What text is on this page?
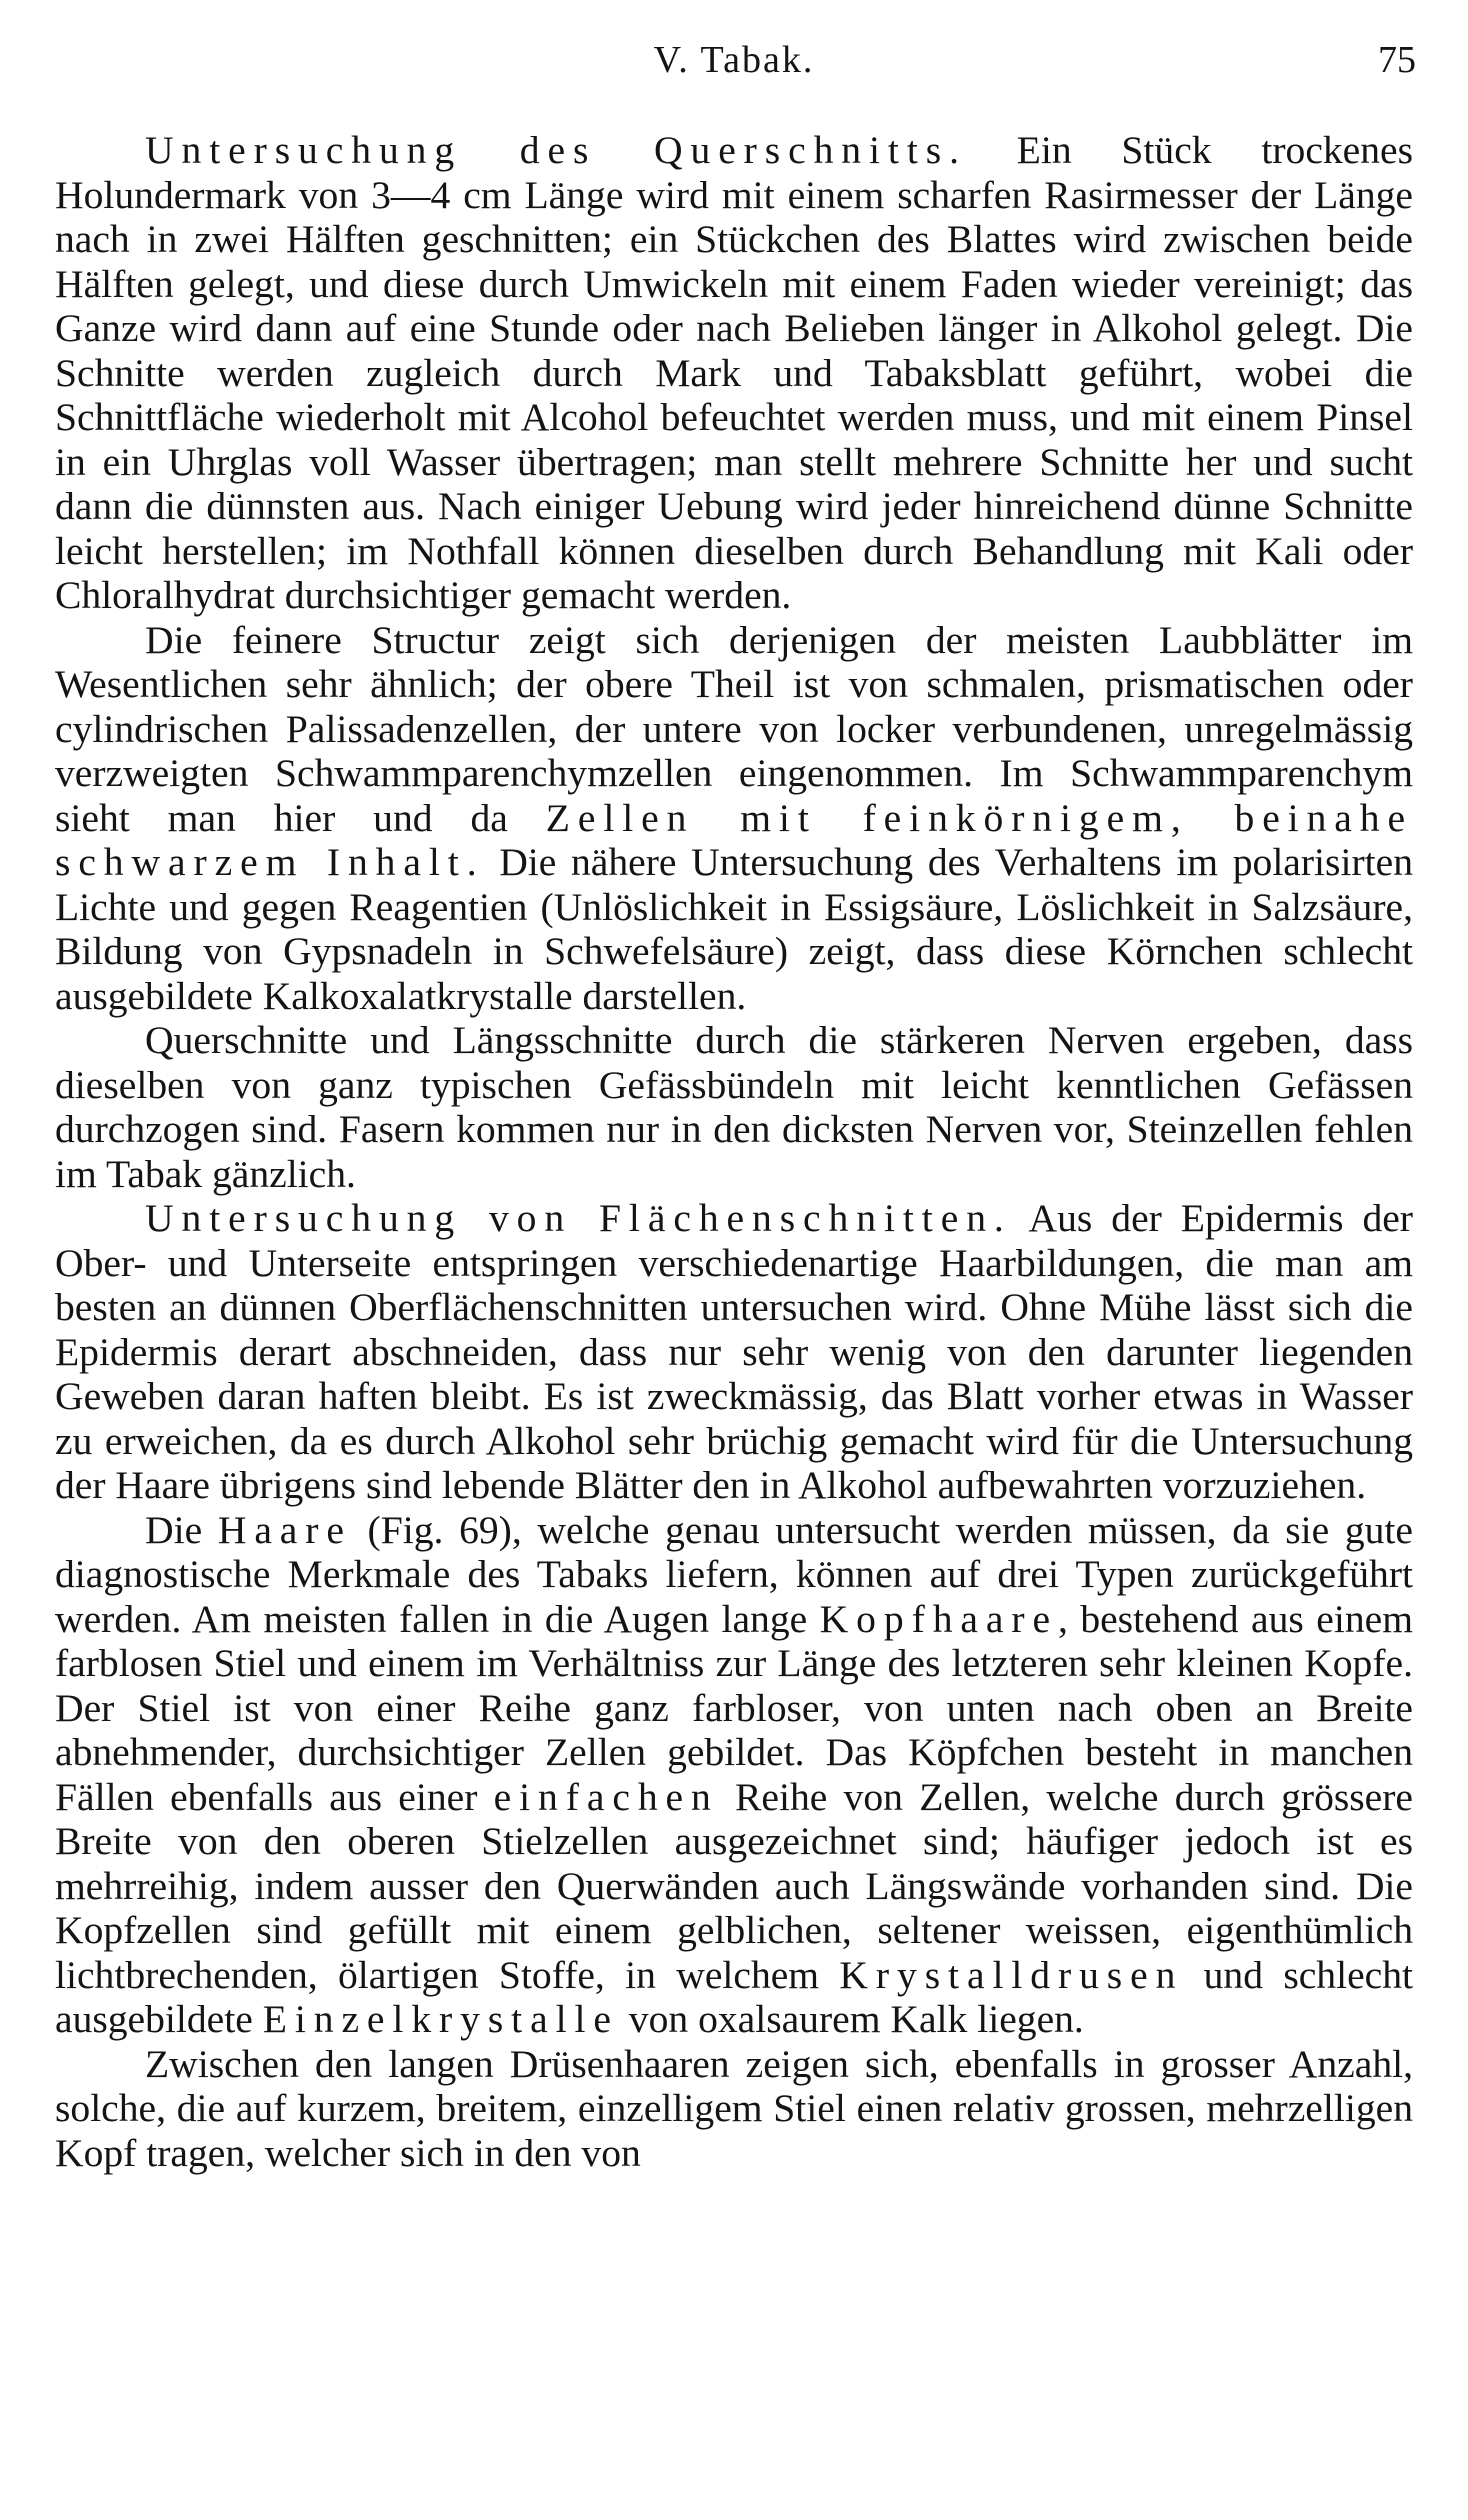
V. Tabak.	75

Untersuchung des Querschnitts. Ein Stück trockenes Holundermark von 3—4 cm Länge wird mit einem scharfen Rasirmesser der Länge nach in zwei Hälften geschnitten; ein Stückchen des Blattes wird zwischen beide Hälften gelegt, und diese durch Umwickeln mit einem Faden wieder vereinigt; das Ganze wird dann auf eine Stunde oder nach Belieben länger in Alkohol gelegt. Die Schnitte werden zugleich durch Mark und Tabaksblatt geführt, wobei die Schnittfläche wiederholt mit Alcohol befeuchtet werden muss, und mit einem Pinsel in ein Uhrglas voll Wasser übertragen; man stellt mehrere Schnitte her und sucht dann die dünnsten aus. Nach einiger Uebung wird jeder hinreichend dünne Schnitte leicht herstellen; im Nothfall können dieselben durch Behandlung mit Kali oder Chloralhydrat durchsichtiger gemacht werden.

Die feinere Structur zeigt sich derjenigen der meisten Laubblätter im Wesentlichen sehr ähnlich; der obere Theil ist von schmalen, prismatischen oder cylindrischen Palissadenzellen, der untere von locker verbundenen, unregelmässig verzweigten Schwammparenchymzellen eingenommen. Im Schwammparenchym sieht man hier und da Zellen mit feinkörnigem, beinahe schwarzem Inhalt. Die nähere Untersuchung des Verhaltens im polarisirten Lichte und gegen Reagentien (Unlöslichkeit in Essigsäure, Löslichkeit in Salzsäure, Bildung von Gypsnadeln in Schwefelsäure) zeigt, dass diese Körnchen schlecht ausgebildete Kalkoxalatkrystalle darstellen.

Querschnitte und Längsschnitte durch die stärkeren Nerven ergeben, dass dieselben von ganz typischen Gefässbündeln mit leicht kenntlichen Gefässen durchzogen sind. Fasern kommen nur in den dicksten Nerven vor, Steinzellen fehlen im Tabak gänzlich.

Untersuchung von Flächenschnitten. Aus der Epidermis der Ober- und Unterseite entspringen verschiedenartige Haarbildungen, die man am besten an dünnen Oberflächenschnitten untersuchen wird. Ohne Mühe lässt sich die Epidermis derart abschneiden, dass nur sehr wenig von den darunter liegenden Geweben daran haften bleibt. Es ist zweckmässig, das Blatt vorher etwas in Wasser zu erweichen, da es durch Alkohol sehr brüchig gemacht wird für die Untersuchung der Haare übrigens sind lebende Blätter den in Alkohol aufbewahrten vorzuziehen.

Die Haare (Fig. 69), welche genau untersucht werden müssen, da sie gute diagnostische Merkmale des Tabaks liefern, können auf drei Typen zurückgeführt werden. Am meisten fallen in die Augen lange Kopfhaare, bestehend aus einem farblosen Stiel und einem im Verhältniss zur Länge des letzteren sehr kleinen Kopfe. Der Stiel ist von einer Reihe ganz farbloser, von unten nach oben an Breite abnehmender, durchsichtiger Zellen gebildet. Das Köpfchen besteht in manchen Fällen ebenfalls aus einer einfachen Reihe von Zellen, welche durch grössere Breite von den oberen Stielzellen ausgezeichnet sind; häufiger jedoch ist es mehrreihig, indem ausser den Querwänden auch Längswände vorhanden sind. Die Kopfzellen sind gefüllt mit einem gelblichen, seltener weissen, eigenthümlich lichtbrechenden, ölartigen Stoffe, in welchem Krystalldrusen und schlecht ausgebildete Einzelkrystalle von oxalsaurem Kalk liegen.

Zwischen den langen Drüsenhaaren zeigen sich, ebenfalls in grosser Anzahl, solche, die auf kurzem, breitem, einzelligem Stiel einen relativ grossen, mehrzelligen Kopf tragen, welcher sich in den von
